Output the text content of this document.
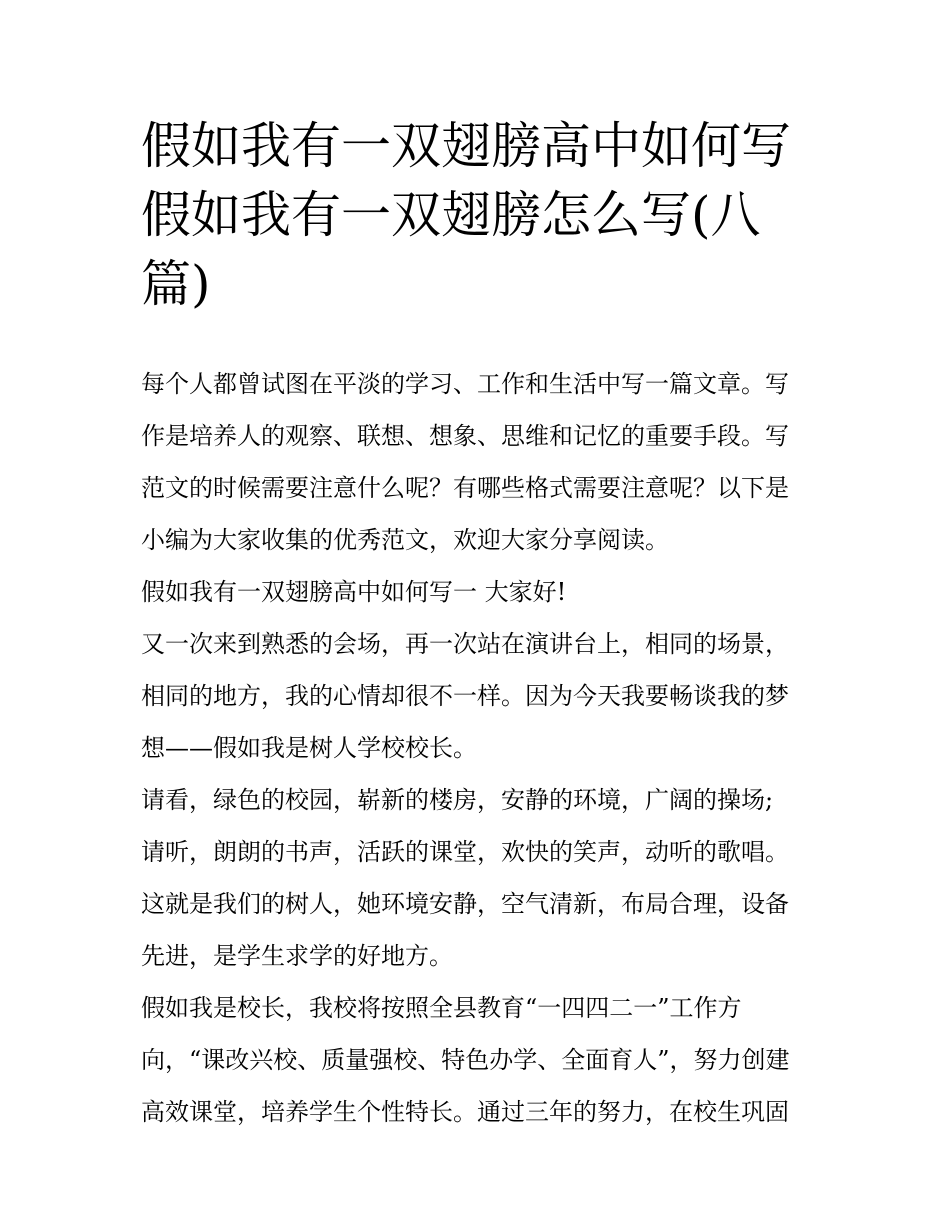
假如我有一双翅膀高中如何写
假如我有一双翅膀怎么写(八
篇)
每个人都曾试图在平淡的学习、工作和生活中写一篇文章。写
作是培养人的观察、联想、想象、思维和记忆的重要手段。写
范文的时候需要注意什么呢？有哪些格式需要注意呢？以下是
小编为大家收集的优秀范文，欢迎大家分享阅读。
假如我有一双翅膀高中如何写一 大家好!
又一次来到熟悉的会场，再一次站在演讲台上，相同的场景，
相同的地方，我的心情却很不一样。因为今天我要畅谈我的梦
想——假如我是树人学校校长。
请看，绿色的校园，崭新的楼房，安静的环境，广阔的操场;
请听，朗朗的书声，活跃的课堂，欢快的笑声，动听的歌唱。
这就是我们的树人，她环境安静，空气清新，布局合理，设备
先进，是学生求学的好地方。
假如我是校长，我校将按照全县教育“一四四二一”工作方
向，“课改兴校、质量强校、特色办学、全面育人”，努力创建
高效课堂，培养学生个性特长。通过三年的努力，在校生巩固
